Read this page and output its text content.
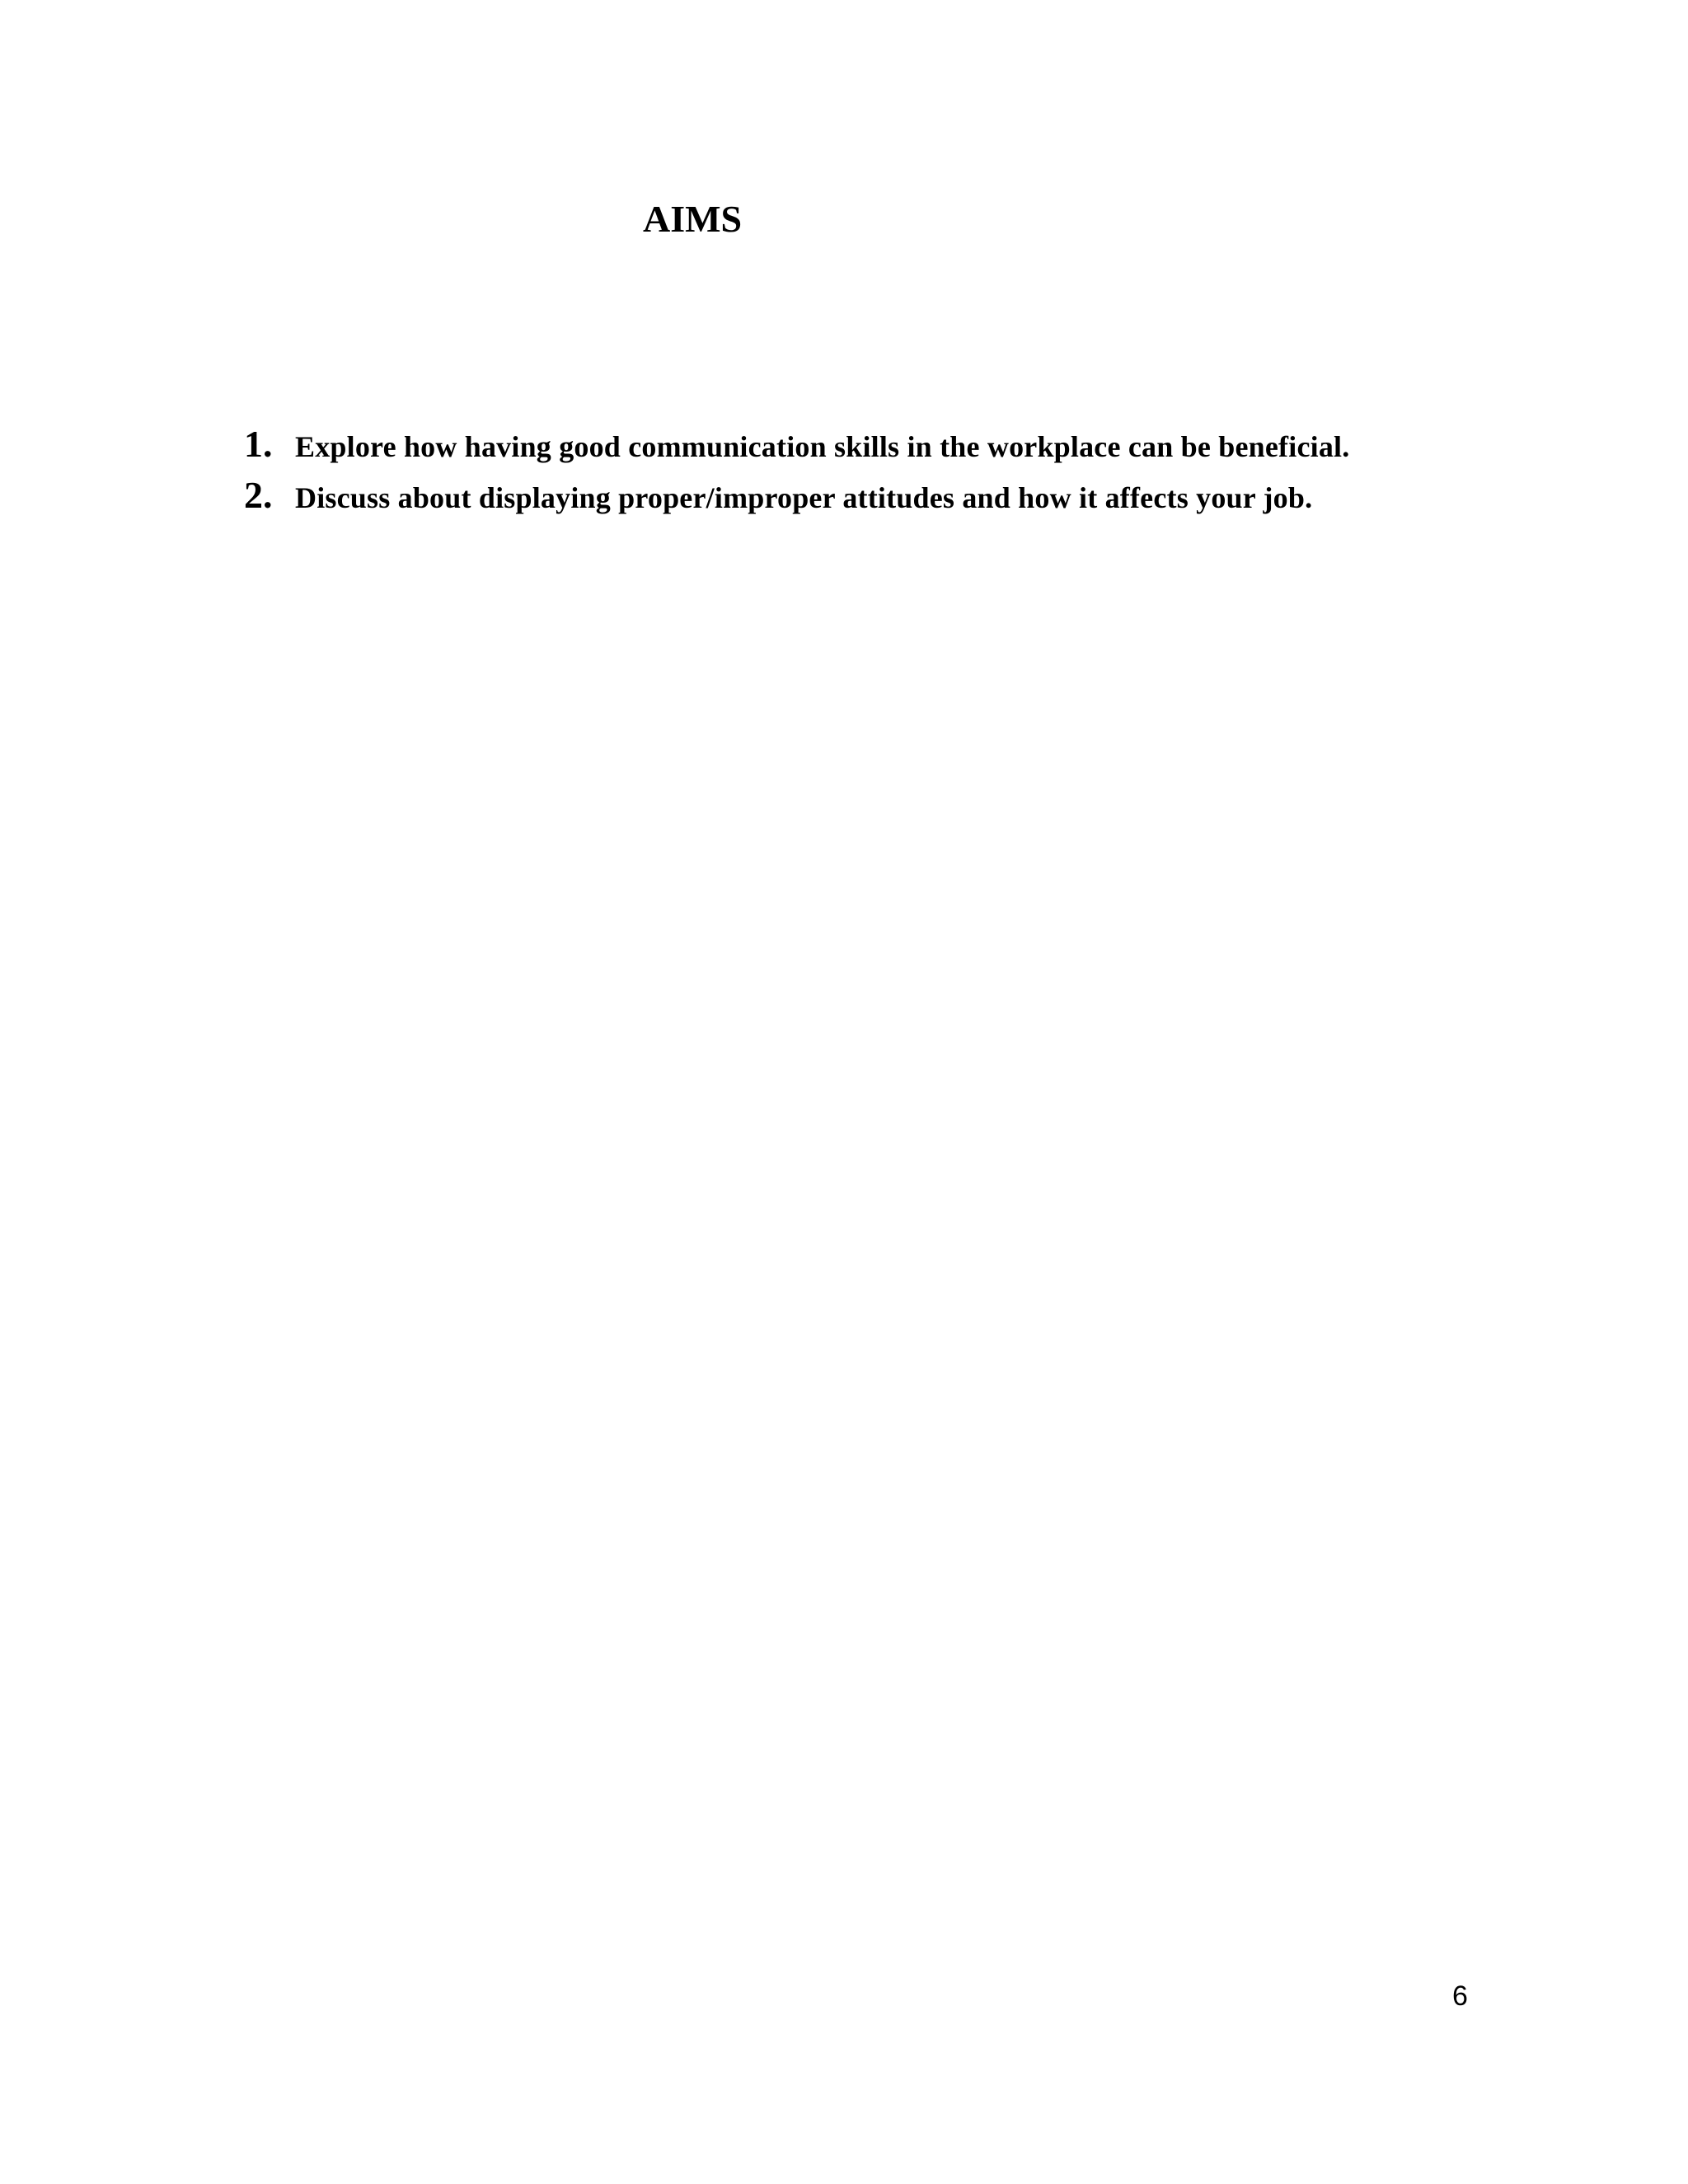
AIMS
1. Explore how having good communication skills in the workplace can be beneficial.
2. Discuss about displaying proper/improper attitudes and how it affects your job.
6
